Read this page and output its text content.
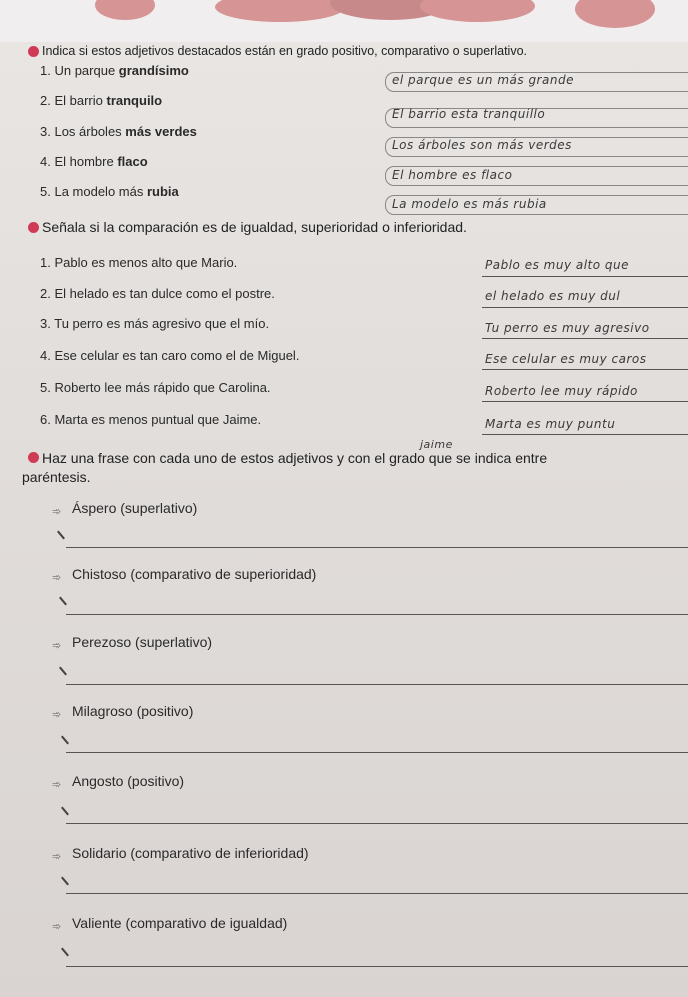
Indica si estos adjetivos destacados están en grado positivo, comparativo o superlativo.
1. Un parque grandísimo
el parque es un más grande
2. El barrio tranquilo
El barrio esta tranquillo
3. Los árboles más verdes
Los árboles son más verdes
4. El hombre flaco
El hombre es flaco
5. La modelo más rubia
La modelo es más rubia
Señala si la comparación es de igualdad, superioridad o inferioridad.
1. Pablo es menos alto que Mario.	Pablo es muy alto que
2. El helado es tan dulce como el postre.	el helado es muy dul
3. Tu perro es más agresivo que el mío.	Tu perro es muy agresivo
4. Ese celular es tan caro como el de Miguel.	Ese celular es muy caros
5. Roberto lee más rápido que Carolina.	Roberto lee muy rápido
6. Marta es menos puntual que Jaime.	Marta es muy puntu
jaime
Haz una frase con cada uno de estos adjetivos y con el grado que se indica entre
paréntesis.
➾ Áspero (superlativo)
➾ Chistoso (comparativo de superioridad)
➾ Perezoso (superlativo)
➾ Milagroso (positivo)
➾ Angosto (positivo)
➾ Solidario (comparativo de inferioridad)
➾ Valiente (comparativo de igualdad)
